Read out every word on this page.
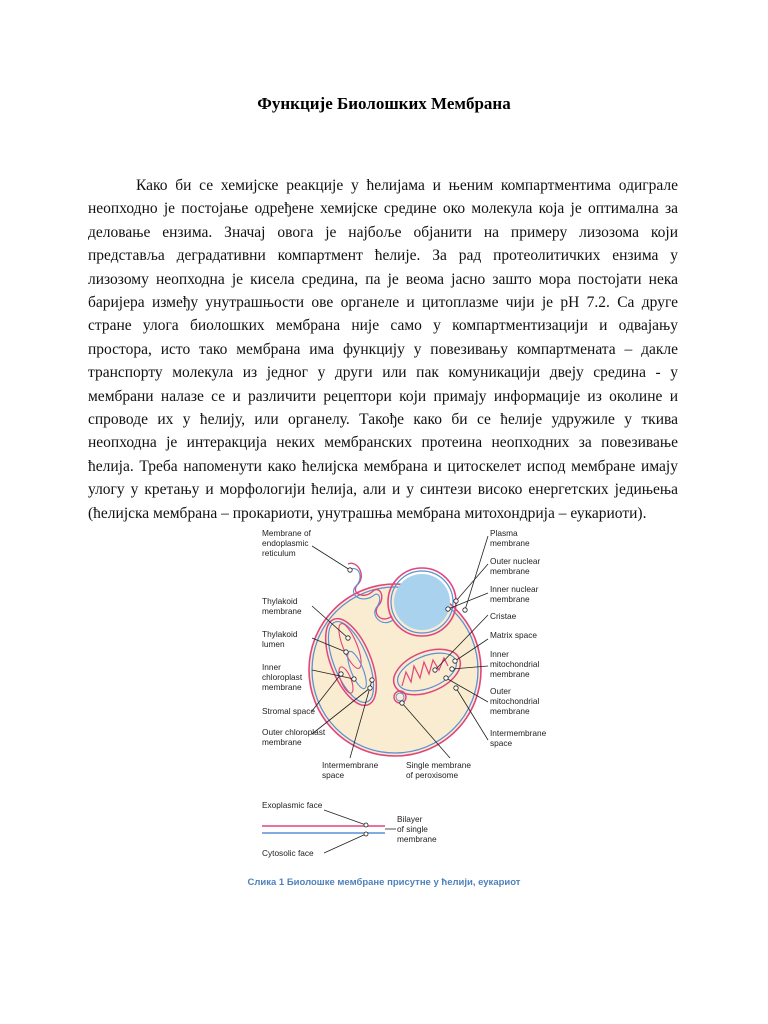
Функције Биолошких Мембрана

Како би се хемијске реакције у ћелијама и њеним компартментима одиграле неопходно је постојање одређене хемијске средине око молекула која је оптимална за деловање ензима. Значај овога је најбоље објанити на примеру лизозома који представља деградативни компартмент ћелије. За рад протеолитичких ензима у лизозому неопходна је кисела средина, па је веома јасно зашто мора постојати нека баријера између унутрашњости ове органеле и цитоплазме чији је pH 7.2. Са друге стране улога биолошких мембрана није само у компартментизацији и одвајању простора, исто тако мембрана има функцију у повезивању компартмената – дакле транспорту молекула из једног у други или пак комуникацији двеју средина - у мембрани налазе се и различити рецептори који примају информације из околине и спроводе их у ћелију, или органелу. Такође како би се ћелије удружиле у ткива неопходна је интеракција неких мембранских протеина неопходних за повезивање ћелија. Треба напоменути како ћелијска мембрана и цитоскелет испод мембране имају улогу у кретању и морфологији ћелија, али и у синтези високо енергетских једињења (ћелијска мембрана – прокариоти, унутрашња мембрана митохондрија – еукариоти).

Membrane of endoplasmic reticulum
Thylakoid membrane
Thylakoid lumen
Inner chloroplast membrane
Stromal space
Outer chloroplast membrane
Intermembrane space
Plasma membrane
Outer nuclear membrane
Inner nuclear membrane
Cristae
Matrix space
Inner mitochondrial membrane
Outer mitochondrial membrane
Intermembrane space
Single membrane of peroxisome
Exoplasmic face
Bilayer of single membrane
Cytosolic face
Слика 1 Биолошке мембране присутне у ћелији, еукариот
